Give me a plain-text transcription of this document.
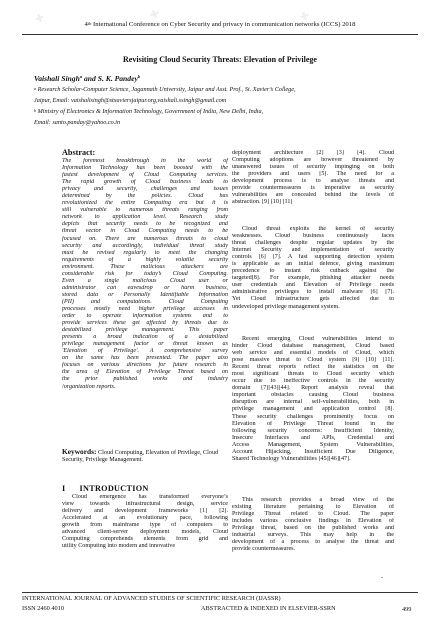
✚	✚	✚
4th International Conference on Cyber Security and privacy in communication networks (ICCS) 2018
Revisiting Cloud Security Threats: Elevation of Privilege
Vaishali Singh$^a$ and S. K. Pandey$^b$
$^a$ Research Scholar-Computer Science, Jagannath University, Jaipur and Asst. Prof., St. Xavier’s College,
Jaipur, Email: vaishalisingh@stxaviersjaipur.org,vaishali.ssingh@gmail.com
$^b$ Ministry of Electronics & Information Technology, Government of India, New Delhi, India,
Email: santo.panday@yahoo.co.in
Abstract:
The foremost breakthrough in the world of
Information Technology has been boosted with the
fastest development of Cloud Computing services.
The rapid growth of Cloud business leads to
privacy and security, challenges and issues
determined by the policies. Cloud has
revolutionized the entire Computing era but it is
still vulnerable to numerous threats ranging from
network to application level. Research study
depicts that security needs to be recognized and
threat vector in Cloud Computing needs to be
focused on. There are numerous threats to cloud
security and accordingly, individual threat study
must be revised regularly to meet the changing
requirements of a highly volatile security
environment. These malicious attackers are
considerable risk for today’s Cloud Computing.
Even a single malicious Cloud user or
administrator can eavesdrop or harm business,
stored data or Personally Identifiable Information
(PII) and computations. Cloud Computing
processes mostly need higher privilege accesses in
order to operate information systems and to
provide services these get affected by threats due to
destabilized privilege management. This paper
presents a broad indication of a destabilized
privilege management factor or threat known as
'Elevation of Privilege'. A comprehensive survey
on the same has been presented. The paper also
focuses on various directions for future research in
the area of Elevation of Privilege Threat based on
the prior published works and industry
/organization reports.
Keywords: Cloud Computing, Elevation of Privilege, Cloud Security, Privilege Management.
I INTRODUCTION
Cloud emergence has transformed everyone’s
view towards infrastructural design, service
delivery and development frameworks [1] [2].
Accelerated at an evolutionary pace, following
growth from mainframe type of computers to
advanced client-server deployment models, Cloud
Computing comprehends elements from grid and
utility Computing into modern and innovative
deployment architecture [2] [3] [4]. Cloud
Computing adoptions are however threatened by
unanswered issues of security impinging on both
the providers and users [5]. The need for a
development process is to analyse threats and
provide countermeasures is imperative as security
vulnerabilities are concealed behind the levels of
abstraction. [9] [10] [11]
Cloud threat exploits the kernel of security
weaknesses. Cloud business continuously faces
threat challenges despite regular updates by the
Internet Security and implementation of security
controls [6] [7]. A fast supporting detection system
is applicable as an initial defence, giving maximum
precedence to instant risk cutback against the
targeted[8]. For example, phishing attacker needs
user credentials and Elevation of Privilege needs
administrative privileges to install malware [6] [7].
Yet Cloud infrastructure gets affected due to
undeveloped privilege management system.
Recent emerging Cloud vulnerabilities intend to
hinder Cloud database management, Cloud based
web service and essential models of Cloud, which
pose massive threat to Cloud system [9] [10] [11].
Recent threat reports reflect the statistics on the
most significant threats to Cloud security which
occur due to ineffective controls in the security
domain [7][43][44]. Report analysis reveal that
important obstacles causing Cloud business
disruption are internal self-vulnerabilities, both in
privilege management and application control [8].
These security challenges prominently focus on
Elevation of Privilege Threat found in the
following security concerns: Insufficient Identity,
Insecure Interfaces and APIs, Credential and
Access Management, System Vulnerabilities,
Account Hijacking, Insufficient Due Diligence,
Shared Technology Vulnerabilities [45][46][47].
This research provides a broad view of the
existing literature pertaining to Elevation of
Privilege Threat related to Cloud. The paper
includes various conclusive findings in Elevation of
Privilege threat, based on the published works and
industrial surveys. This may help in the
development of a process to analyse the threat and
provide countermeasures.
-
INTERNATIONAL JOURNAL OF ADVANCED STUDIES OF SCIENTIFIC RESEARCH (IJASSR)
ISSN 2460 4010	ABSTRACTED & INDEXED IN ELSEVIER-SSRN	499
